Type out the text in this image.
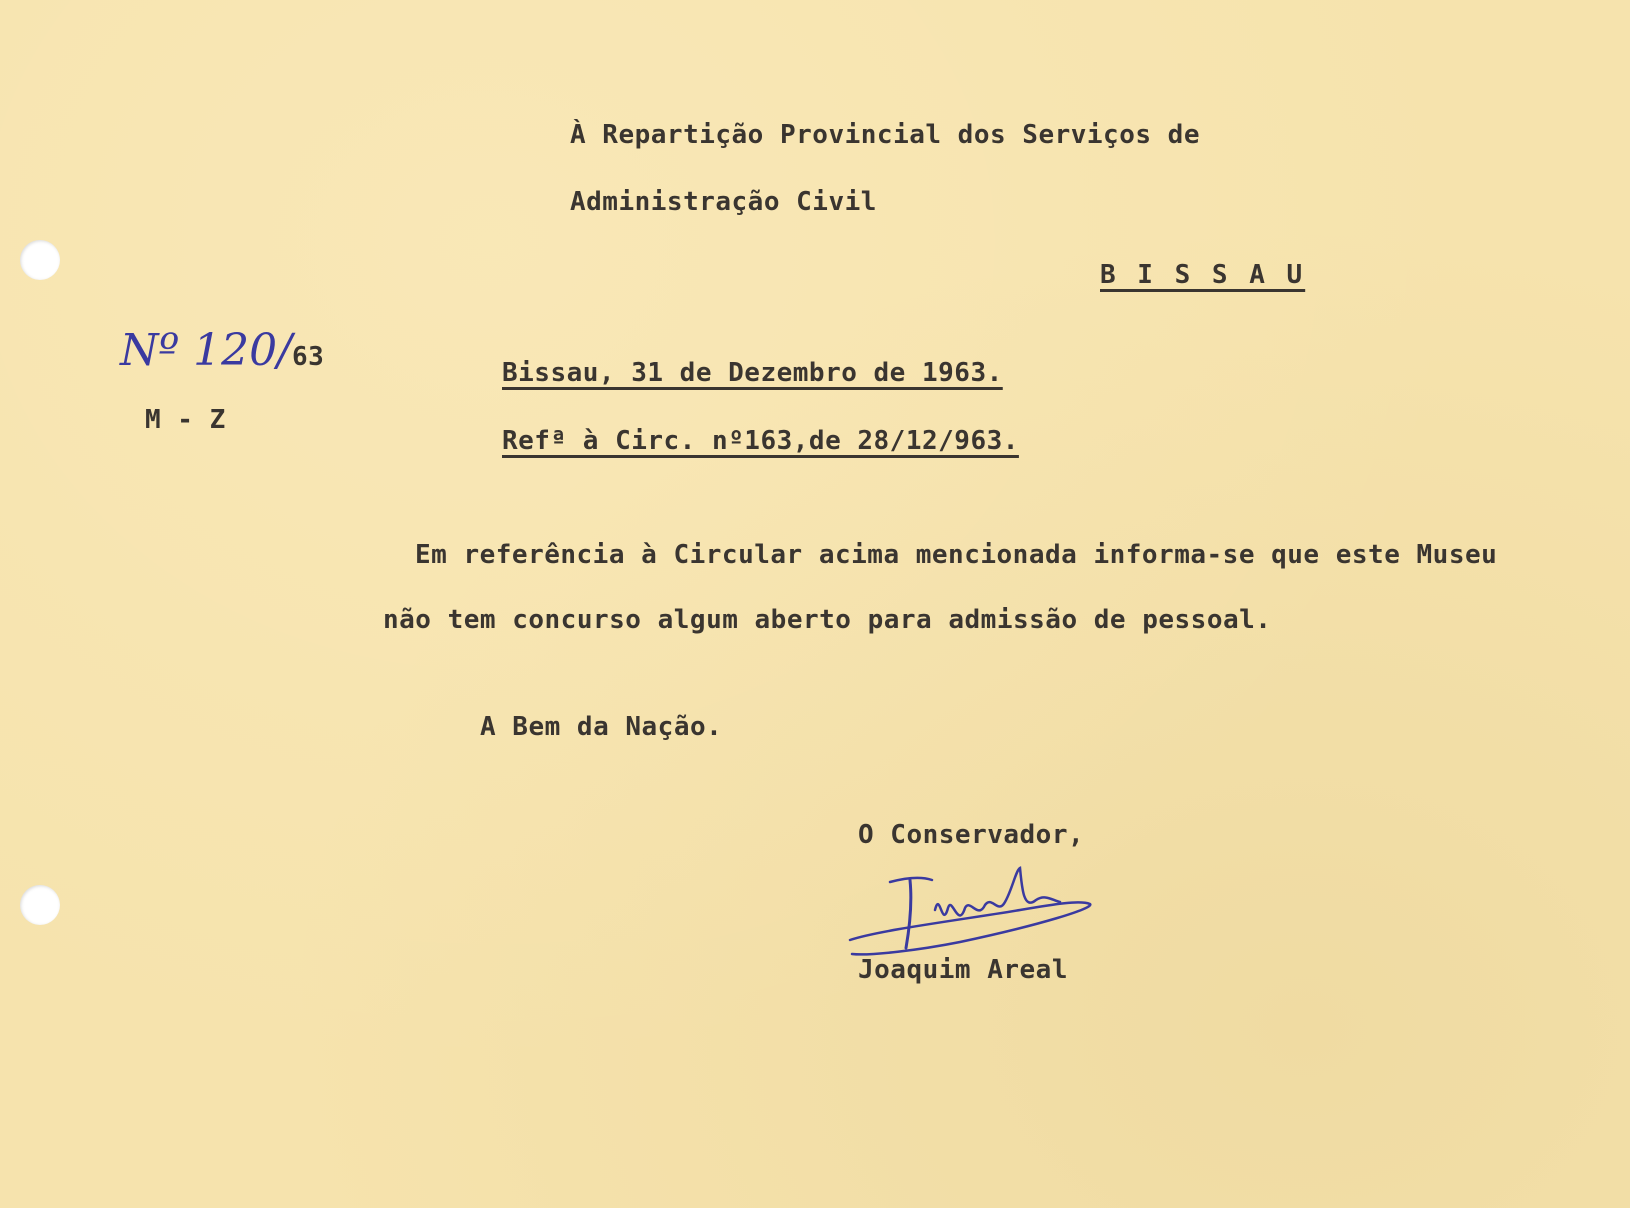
À Repartição Provincial dos Serviços de
Administração Civil
B I S S A U
Nº 120/63
M - Z
Bissau, 31 de Dezembro de 1963.
Refª à Circ. nº163,de 28/12/963.
Em referência à Circular acima mencionada informa-se que este Museu
não tem concurso algum aberto para admissão de pessoal.
A Bem da Nação.
O Conservador,
Joaquim Areal
